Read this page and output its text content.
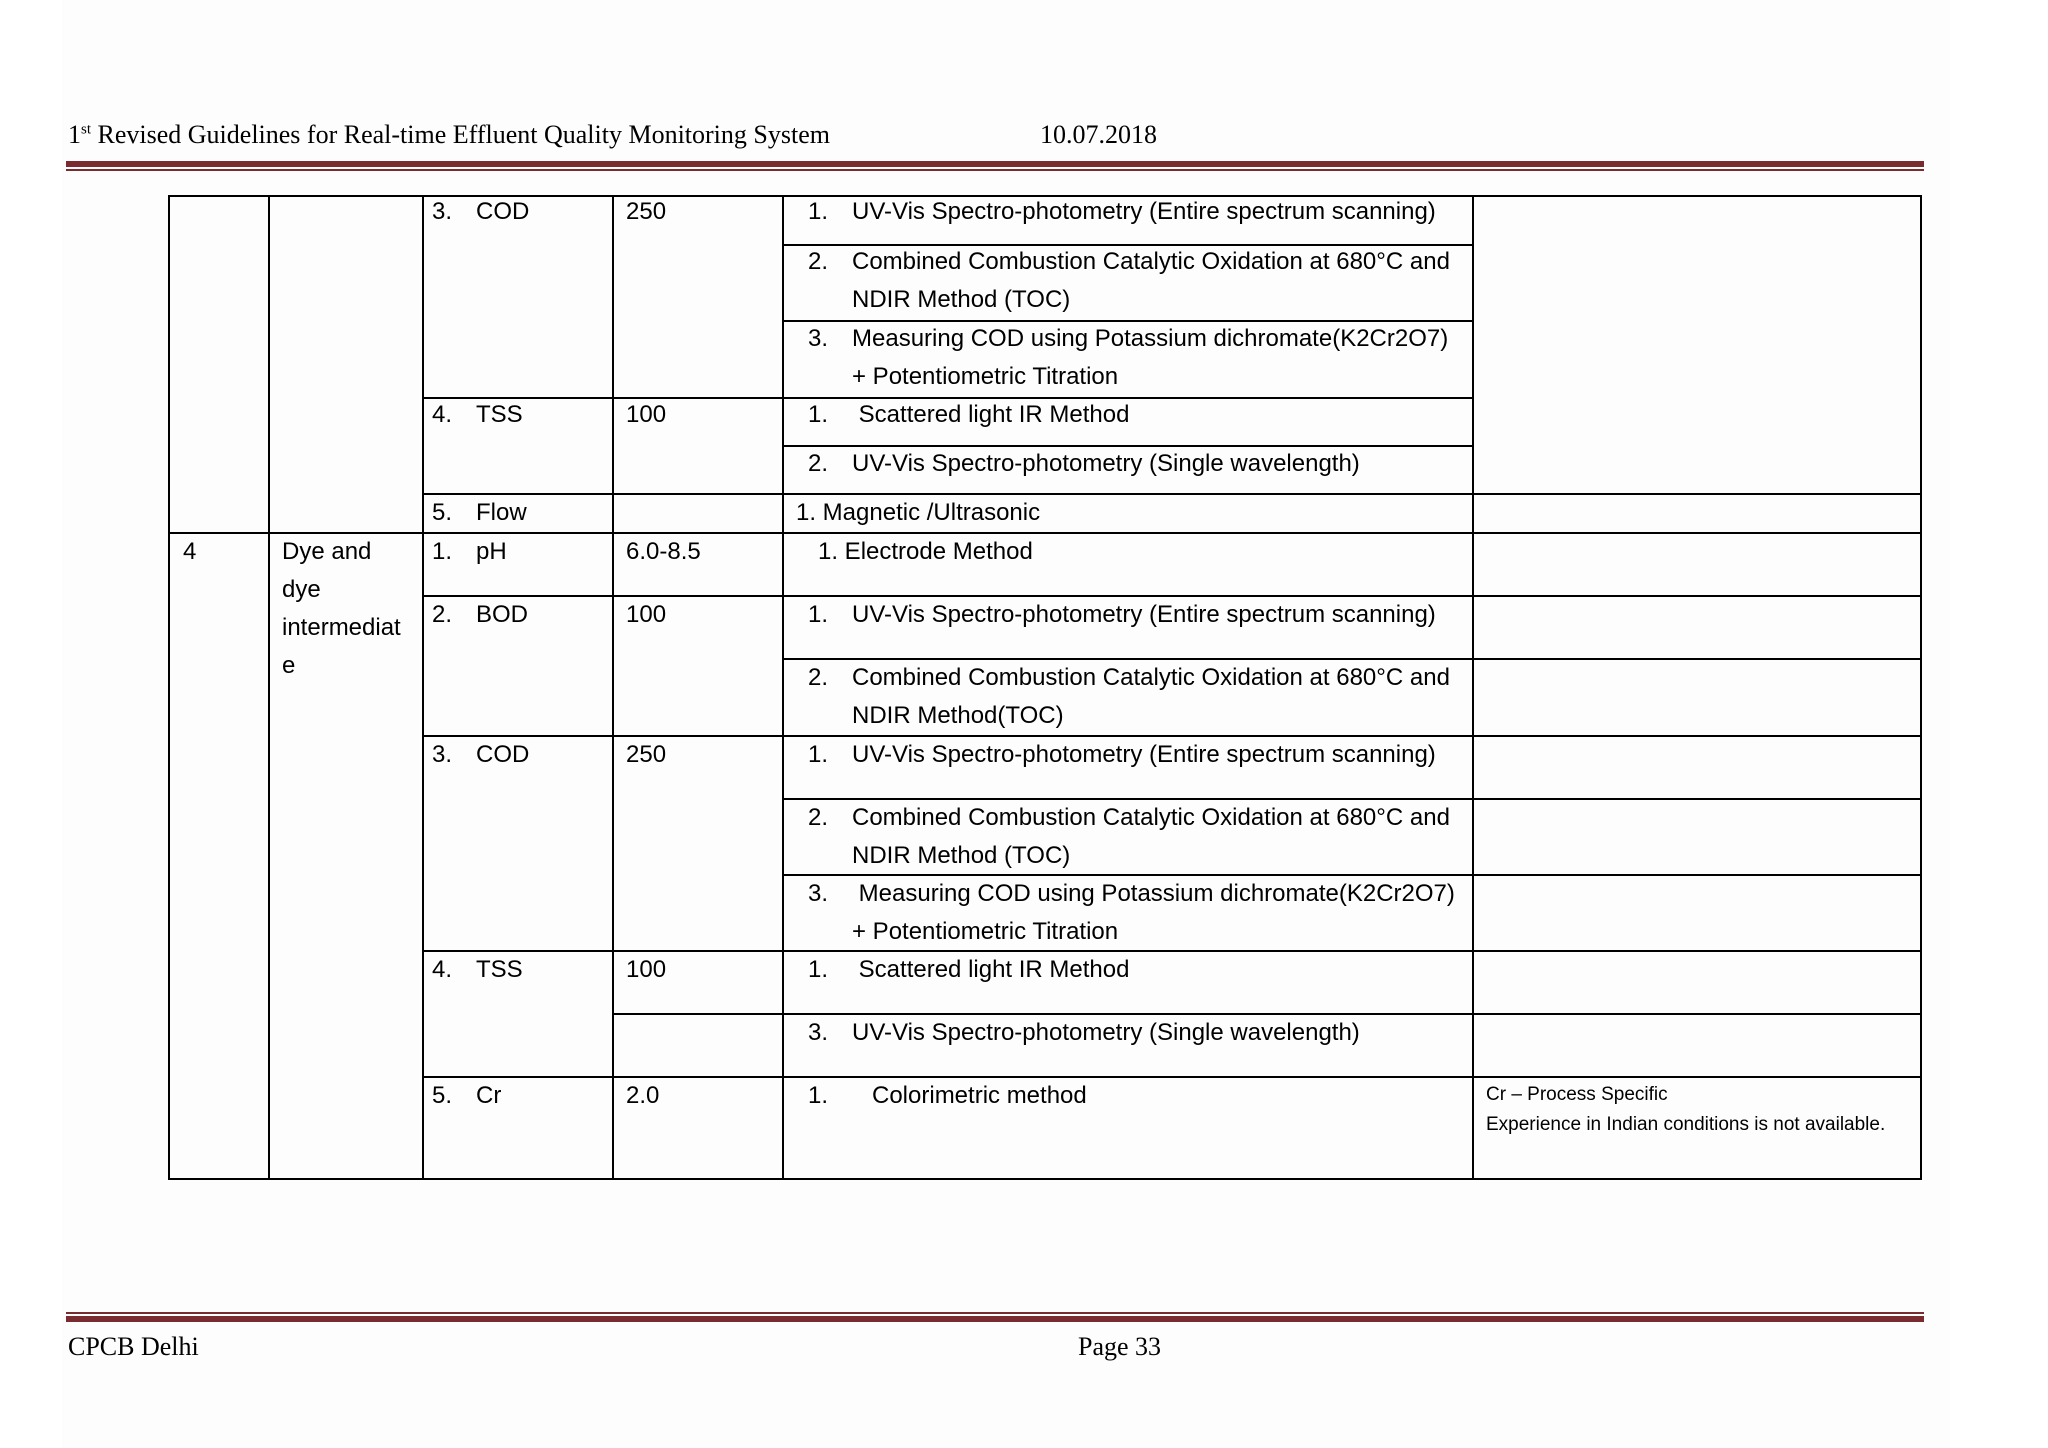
1st Revised Guidelines for Real-time Effluent Quality Monitoring System	10.07.2018
3. COD	250	1. UV-Vis Spectro-photometry (Entire spectrum scanning)
2. Combined Combustion Catalytic Oxidation at 680°C and
NDIR Method (TOC)
3. Measuring COD using Potassium dichromate(K2Cr2O7)
+ Potentiometric Titration
4. TSS	100	1. Scattered light IR Method
2. UV-Vis Spectro-photometry (Single wavelength)
5. Flow	1. Magnetic /Ultrasonic
4	Dye and
dye
intermediat
e
1. pH	6.0-8.5	1. Electrode Method
2. BOD	100	1. UV-Vis Spectro-photometry (Entire spectrum scanning)
2. Combined Combustion Catalytic Oxidation at 680°C and
NDIR Method(TOC)
3. COD	250	1. UV-Vis Spectro-photometry (Entire spectrum scanning)
2. Combined Combustion Catalytic Oxidation at 680°C and
NDIR Method (TOC)
3. Measuring COD using Potassium dichromate(K2Cr2O7)
+ Potentiometric Titration
4. TSS	100	1. Scattered light IR Method
3. UV-Vis Spectro-photometry (Single wavelength)
5. Cr	2.0	1.   Colorimetric method	Cr – Process Specific
Experience in Indian conditions is not available.
CPCB Delhi	Page 33
